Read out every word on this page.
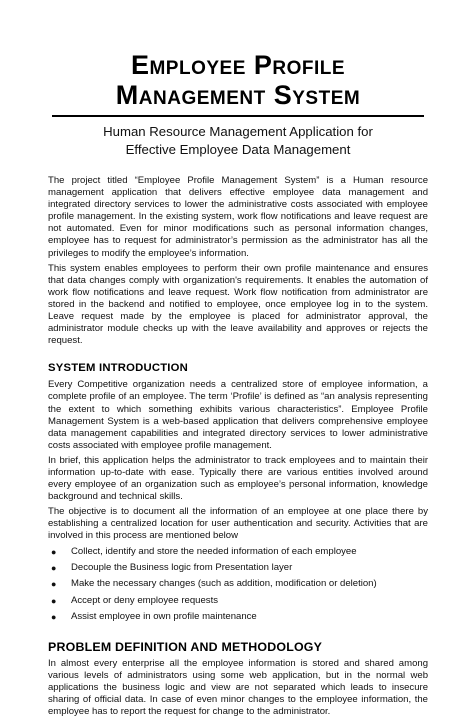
Employee Profile
Management System
Human Resource Management Application for
Effective Employee Data Management

The project titled “Employee Profile Management System” is a Human resource management application that delivers effective employee data management and integrated directory services to lower the administrative costs associated with employee profile management. In the existing system, work flow notifications and leave request are not automated. Even for minor modifications such as personal information changes, employee has to request for administrator’s permission as the administrator has all the privileges to modify the employee’s information.

This system enables employees to perform their own profile maintenance and ensures that data changes comply with organization's requirements. It enables the automation of work flow notifications and leave request. Work flow notification from administrator are stored in the backend and notified to employee, once employee log in to the system. Leave request made by the employee is placed for administrator approval, the administrator module checks up with the leave availability and approves or rejects the request.

SYSTEM INTRODUCTION

Every Competitive organization needs a centralized store of employee information, a complete profile of an employee. The term ‘Profile’ is defined as “an analysis representing the extent to which something exhibits various characteristics”. Employee Profile Management System is a web-based application that delivers comprehensive employee data management capabilities and integrated directory services to lower administrative costs associated with employee profile management.

In brief, this application helps the administrator to track employees and to maintain their information up-to-date with ease. Typically there are various entities involved around every employee of an organization such as employee’s personal information, knowledge background and technical skills.

The objective is to document all the information of an employee at one place there by establishing a centralized location for user authentication and security. Activities that are involved in this process are mentioned below

● Collect, identify and store the needed information of each employee
● Decouple the Business logic from Presentation layer
● Make the necessary changes (such as addition, modification or deletion)
● Accept or deny employee requests
● Assist employee in own profile maintenance
PROBLEM DEFINITION AND METHODOLOGY

In almost every enterprise all the employee information is stored and shared among various levels of administrators using some web application, but in the normal web applications the business logic and view are not separated which leads to insecure sharing of official data. In case of even minor changes to the employee information, the employee has to report the request for change to the administrator.
